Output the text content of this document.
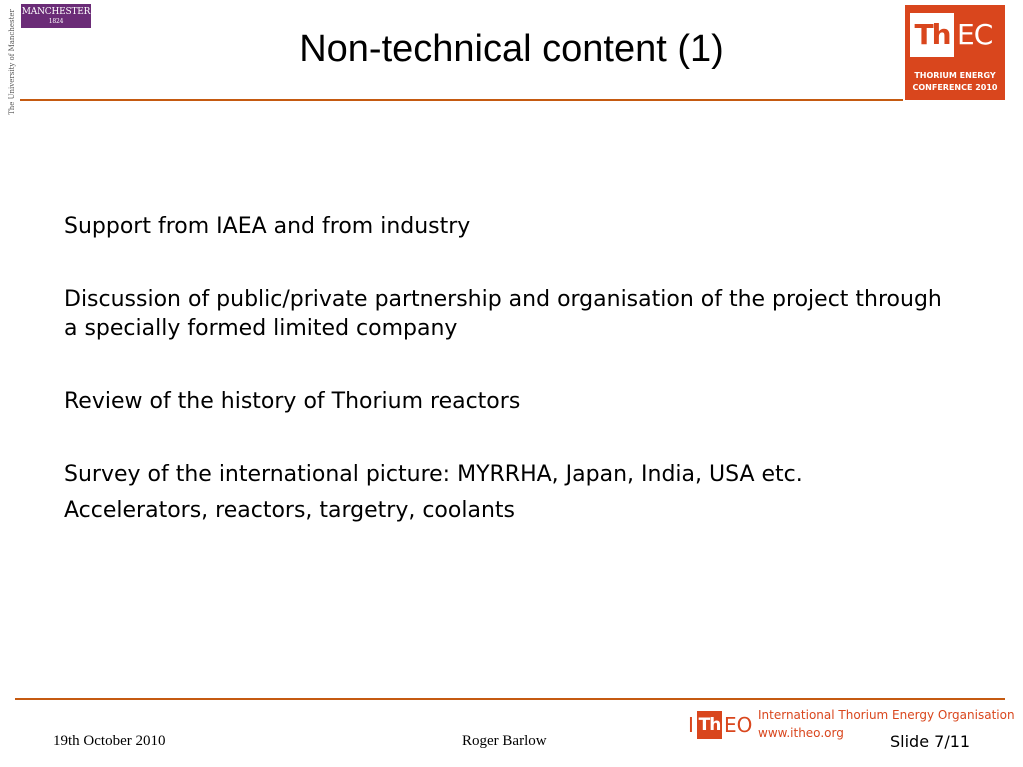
MANCHESTER
1824
The University of Manchester	Non-technical content (1)	Th EC
THORIUM ENERGY
CONFERENCE 2010
Support from IAEA and from industry
Discussion of public/private partnership and organisation of the project through a specially formed limited company
Review of the history of Thorium reactors
Survey of the international picture: MYRRHA, Japan, India, USA etc.
Accelerators, reactors, targetry, coolants
19th October 2010	Roger Barlow
I Th EO International Thorium Energy Organisation
www.itheo.org	Slide 7/11
